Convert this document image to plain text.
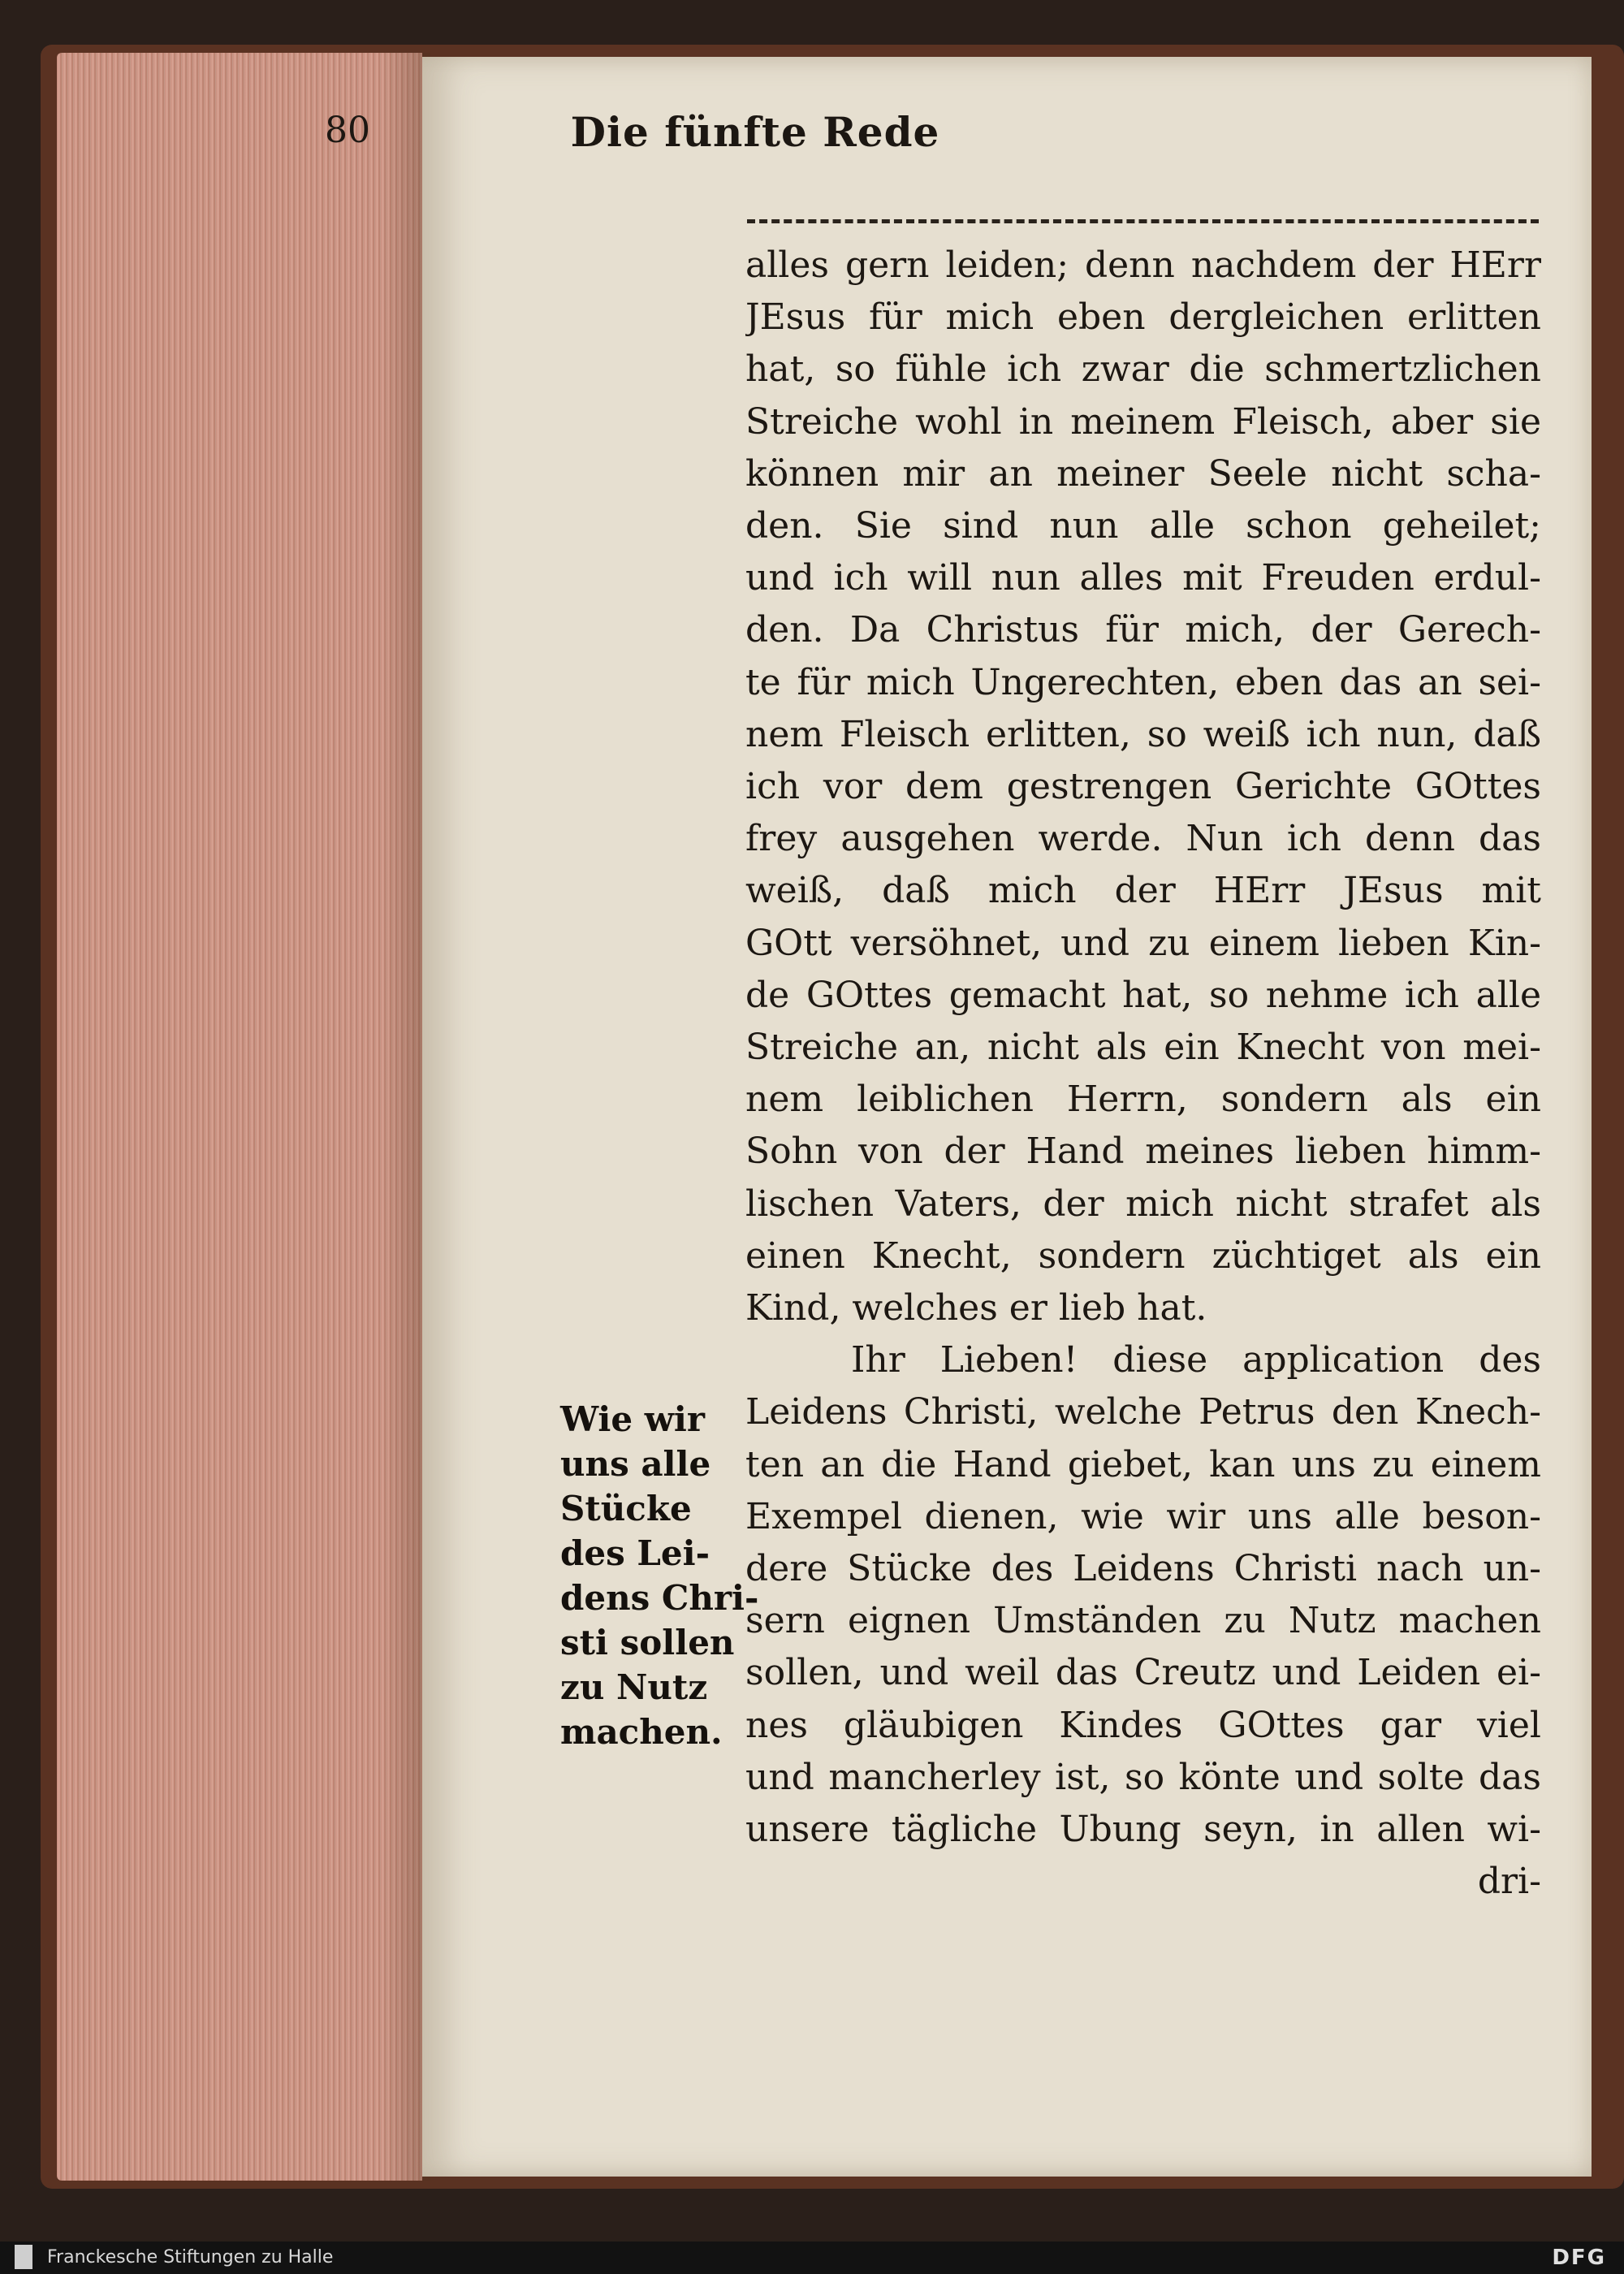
80	Die fünfte Rede
alles gern leiden; denn nachdem der HErr
JEsus für mich eben dergleichen erlitten
hat, so fühle ich zwar die schmertzlichen
Streiche wohl in meinem Fleisch, aber sie
können mir an meiner Seele nicht scha-
den. Sie sind nun alle schon geheilet;
und ich will nun alles mit Freuden erdul-
den. Da Christus für mich, der Gerech-
te für mich Ungerechten, eben das an sei-
nem Fleisch erlitten, so weiß ich nun, daß
ich vor dem gestrengen Gerichte GOttes
frey ausgehen werde. Nun ich denn das
weiß, daß mich der HErr JEsus mit
GOtt versöhnet, und zu einem lieben Kin-
de GOttes gemacht hat, so nehme ich alle
Streiche an, nicht als ein Knecht von mei-
nem leiblichen Herrn, sondern als ein
Sohn von der Hand meines lieben himm-
lischen Vaters, der mich nicht strafet als
einen Knecht, sondern züchtiget als ein
Kind, welches er lieb hat.
Ihr Lieben! diese application des
Leidens Christi, welche Petrus den Knech-
ten an die Hand giebet, kan uns zu einem
Exempel dienen, wie wir uns alle beson-
dere Stücke des Leidens Christi nach un-
sern eignen Umständen zu Nutz machen
sollen, und weil das Creutz und Leiden ei-
nes gläubigen Kindes GOttes gar viel
und mancherley ist, so könte und solte das
unsere tägliche Ubung seyn, in allen wi-
dri-
Wie wir
uns alle
Stücke
des Lei-
dens Chri-
sti sollen
zu Nutz
machen.
Franckesche Stiftungen zu Halle	DFG
